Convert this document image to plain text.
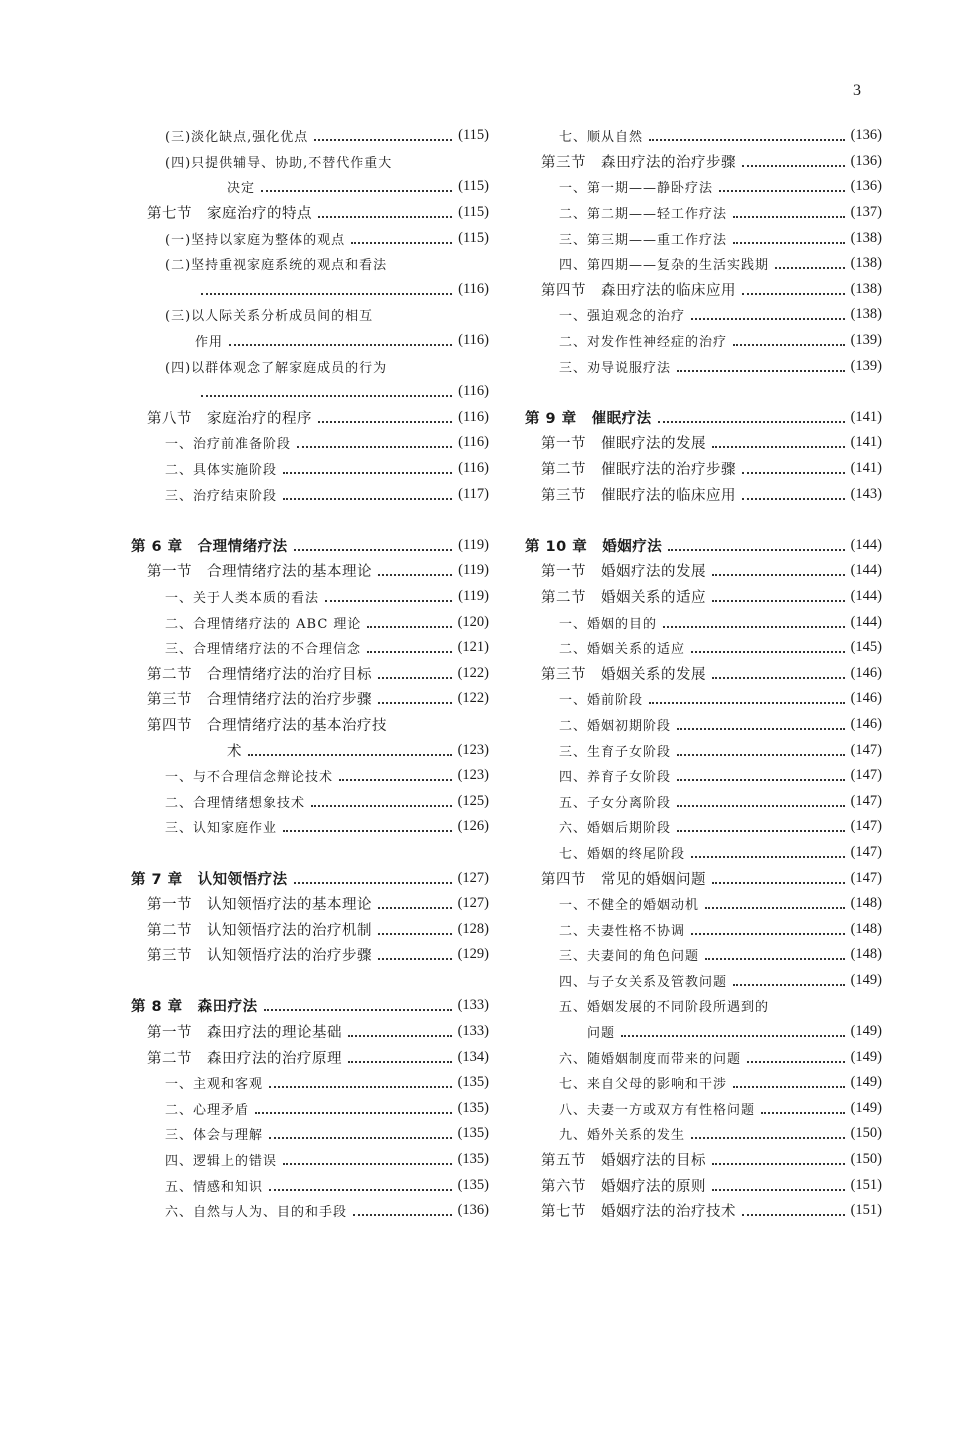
3
(三)淡化缺点,强化优点	(115)
(四)只提供辅导、协助,不替代作重大
决定	(115)
第七节　家庭治疗的特点	(115)
(一)坚持以家庭为整体的观点	(115)
(二)坚持重视家庭系统的观点和看法
(116)
(三)以人际关系分析成员间的相互
作用	(116)
(四)以群体观念了解家庭成员的行为
(116)
第八节　家庭治疗的程序	(116)
一、治疗前准备阶段	(116)
二、具体实施阶段	(116)
三、治疗结束阶段	(117)
第 6 章　合理情绪疗法	(119)
第一节　合理情绪疗法的基本理论	(119)
一、关于人类本质的看法	(119)
二、合理情绪疗法的 ABC 理论	(120)
三、合理情绪疗法的不合理信念	(121)
第二节　合理情绪疗法的治疗目标	(122)
第三节　合理情绪疗法的治疗步骤	(122)
第四节　合理情绪疗法的基本治疗技
术	(123)
一、与不合理信念辩论技术	(123)
二、合理情绪想象技术	(125)
三、认知家庭作业	(126)
第 7 章　认知领悟疗法	(127)
第一节　认知领悟疗法的基本理论	(127)
第二节　认知领悟疗法的治疗机制	(128)
第三节　认知领悟疗法的治疗步骤	(129)
第 8 章　森田疗法	(133)
第一节　森田疗法的理论基础	(133)
第二节　森田疗法的治疗原理	(134)
一、主观和客观	(135)
二、心理矛盾	(135)
三、体会与理解	(135)
四、逻辑上的错误	(135)
五、情感和知识	(135)
六、自然与人为、目的和手段	(136)
七、顺从自然	(136)
第三节　森田疗法的治疗步骤	(136)
一、第一期——静卧疗法	(136)
二、第二期——轻工作疗法	(137)
三、第三期——重工作疗法	(138)
四、第四期——复杂的生活实践期	(138)
第四节　森田疗法的临床应用	(138)
一、强迫观念的治疗	(138)
二、对发作性神经症的治疗	(139)
三、劝导说服疗法	(139)
第 9 章　催眠疗法	(141)
第一节　催眠疗法的发展	(141)
第二节　催眠疗法的治疗步骤	(141)
第三节　催眠疗法的临床应用	(143)
第 10 章　婚姻疗法	(144)
第一节　婚姻疗法的发展	(144)
第二节　婚姻关系的适应	(144)
一、婚姻的目的	(144)
二、婚姻关系的适应	(145)
第三节　婚姻关系的发展	(146)
一、婚前阶段	(146)
二、婚姻初期阶段	(146)
三、生育子女阶段	(147)
四、养育子女阶段	(147)
五、子女分离阶段	(147)
六、婚姻后期阶段	(147)
七、婚姻的终尾阶段	(147)
第四节　常见的婚姻问题	(147)
一、不健全的婚姻动机	(148)
二、夫妻性格不协调	(148)
三、夫妻间的角色问题	(148)
四、与子女关系及管教问题	(149)
五、婚姻发展的不同阶段所遇到的
问题	(149)
六、随婚姻制度而带来的问题	(149)
七、来自父母的影响和干涉	(149)
八、夫妻一方或双方有性格问题	(149)
九、婚外关系的发生	(150)
第五节　婚姻疗法的目标	(150)
第六节　婚姻疗法的原则	(151)
第七节　婚姻疗法的治疗技术	(151)
